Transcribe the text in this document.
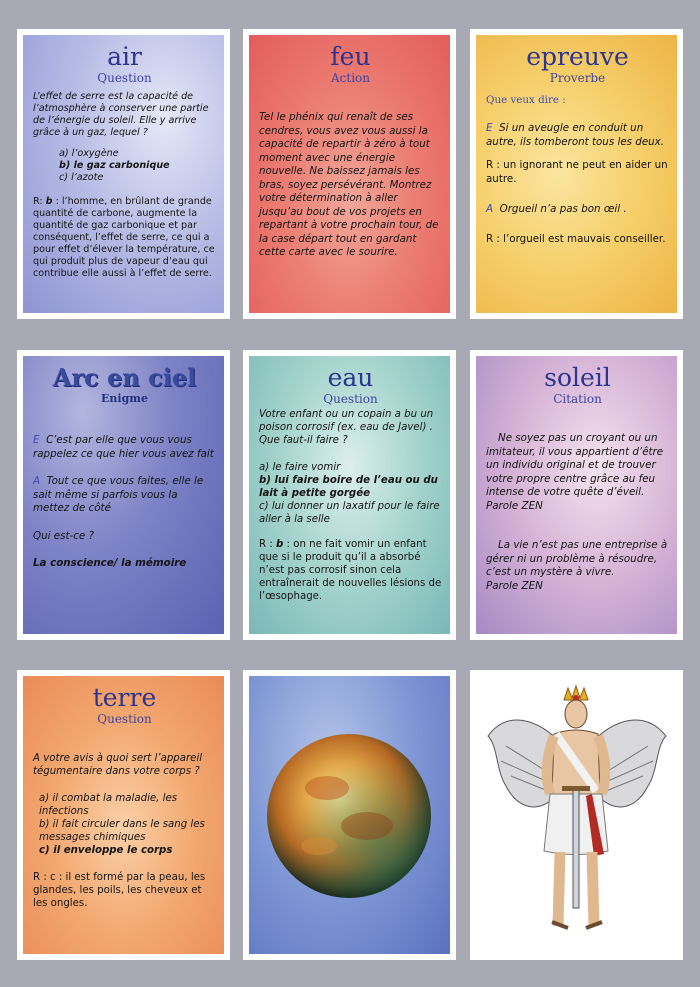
air
Question

L’effet de serre est la capacité de l’atmosphère à conserver une partie de l’énergie du soleil. Elle y arrive grâce à un gaz, lequel ?

a) l’oxygène
b) le gaz carbonique
c) l’azote

R: b : l’homme, en brûlant de grande quantité de carbone, augmente la quantité de gaz carbonique et par conséquent, l’effet de serre, ce qui a pour effet d’élever la température, ce qui produit plus de vapeur d’eau qui contribue elle aussi à l’effet de serre.

feu
Action

Tel le phénix qui renaît de ses cendres, vous avez vous aussi la capacité de repartir à zéro à tout moment avec une énergie nouvelle. Ne baissez jamais les bras, soyez persévérant. Montrez votre détermination à aller jusqu’au bout de vos projets en repartant à votre prochain tour, de la case départ tout en gardant cette carte avec le sourire.

epreuve
Proverbe

Que veux dire :

E Si un aveugle en conduit un autre, ils tomberont tous les deux.

R : un ignorant ne peut en aider un autre.

A Orgueil n’a pas bon œil .

R : l’orgueil est mauvais conseiller.

Arc en ciel
Enigme

E C’est par elle que vous vous rappelez ce que hier vous avez fait

A Tout ce que vous faites, elle le sait même si parfois vous la mettez de côté

Qui est-ce ?

La conscience/ la mémoire

eau
Question

Votre enfant ou un copain a bu un poison corrosif (ex. eau de Javel) . Que faut-il faire ?

a) le faire vomir
b) lui faire boire de l’eau ou du lait à petite gorgée
c) lui donner un laxatif pour le faire aller à la selle

R : b : on ne fait vomir un enfant que si le produit qu’il a absorbé n’est pas corrosif sinon cela entraînerait de nouvelles lésions de l’œsophage.

soleil
Citation

Ne soyez pas un croyant ou un imitateur, il vous appartient d’être un individu original et de trouver votre propre centre grâce au feu intense de votre quête d’éveil.

Parole ZEN

La vie n’est pas une entreprise à gérer ni un problème à résoudre, c’est un mystère à vivre.

Parole ZEN

terre
Question

A votre avis à quoi sert l’appareil tégumentaire dans votre corps ?

a) il combat la maladie, les infections
b) il fait circuler dans le sang les messages chimiques
c) il enveloppe le corps

R : c : il est formé par la peau, les glandes, les poils, les cheveux et les ongles.
